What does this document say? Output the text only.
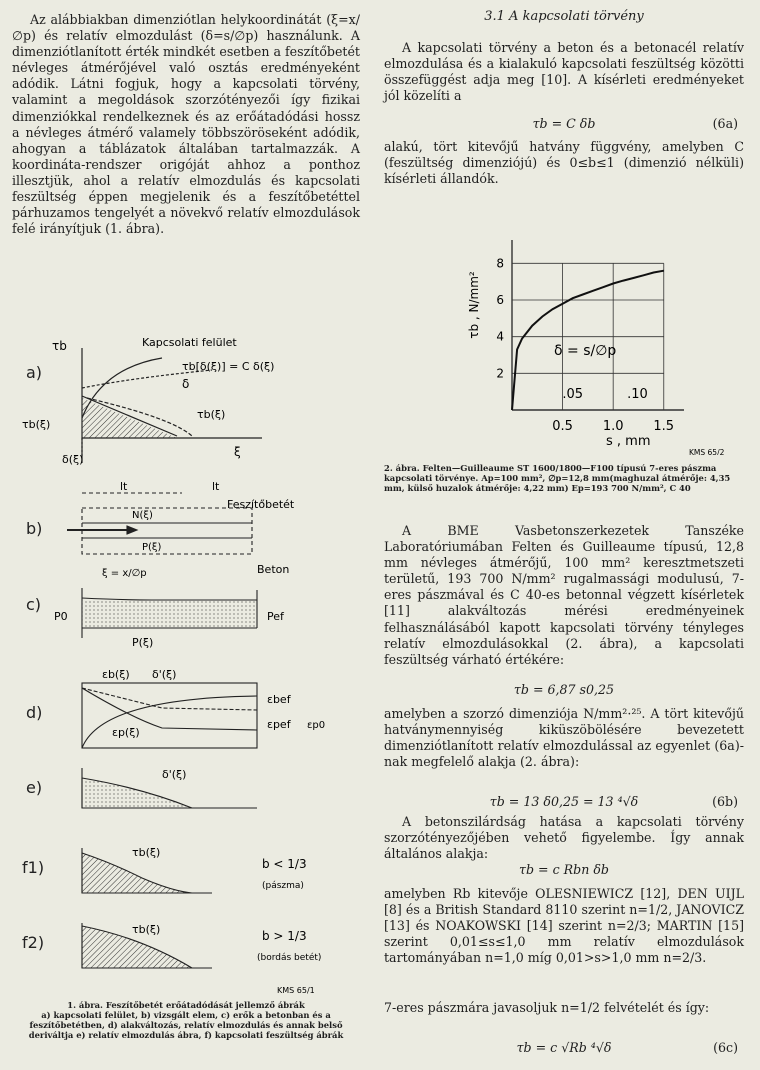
Az alábbiakban dimenziótlan helykoordinátát (ξ=x/∅p) és relatív elmozdulást (δ=s/∅p) használunk. A dimenziótlanított érték mindkét esetben a feszítőbetét névleges átmérőjével való osztás eredményeként adódik. Látni fogjuk, hogy a kapcsolati törvény, valamint a megoldások szorzótényezői így fizikai dimenziókkal rendelkeznek és az erőátadódási hossz a névleges átmérő valamely többszöröseként adódik, ahogyan a táblázatok általában tartalmazzák. A koordináta-rendszer origóját ahhoz a ponthoz illesztjük, ahol a relatív elmozdulás és kapcsolati feszültség éppen megjelenik és a feszítőbetéttel párhuzamos tengelyét a növekvő relatív elmozdulások felé irányítjuk (1. ábra).

a)
b)
c)
d)
e)
f1)
f2)
τb	Kapcsolati felület
τb[δ(ξ)] = C δ(ξ)
δ
τb(ξ)
τb(ξ)
δ(ξ)
ξ
lt	lt
Feszítőbetét
N(ξ)
P(ξ)
Beton
ξ = x/∅p
P0	Pef
P(ξ)
εb(ξ) δ'(ξ)
εbef
εpef εp0
εp(ξ)
δ'(ξ)
τb(ξ)
b < 1/3
(pászma)
τb(ξ)	b > 1/3
(bordás betét)
KMS 65/1
1. ábra. Feszítőbetét erőátadódását jellemző ábrák
a) kapcsolati felület, b) vizsgált elem, c) erők a betonban és a feszítőbetétben, d) alakváltozás, relatív elmozdulás és annak belső deriváltja e) relatív elmozdulás ábra, f) kapcsolati feszültség ábrák
3.1 A kapcsolati törvény

A kapcsolati törvény a beton és a betonacél relatív elmozdulása és a kialakuló kapcsolati feszültség közötti összefüggést adja meg [10]. A kísérleti eredményeket jól közelíti a

τb = C δb	(6a)

alakú, tört kitevőjű hatvány függvény, amelyben C (feszültség dimenziójú) és 0≤b≤1 (dimenzió nélküli) kísérleti állandók.

τb , N/mm²
2
4
6
8
0.5 1.0 1.5
δ = s/∅p
.05	.10
s , mm
KMS 65/2
2. ábra. Felten—Guilleaume ST 1600/1800—F100 típusú 7-eres pászma kapcsolati törvénye. Ap=100 mm², ∅p=12,8 mm(maghuzal átmérője: 4,35 mm, külső huzalok átmérője: 4,22 mm) Ep=193 700 N/mm², C 40

A BME Vasbetonszerkezetek Tanszéke Laboratóriumában Felten és Guilleaume típusú, 12,8 mm névleges átmérőjű, 100 mm² keresztmetszeti területű, 193 700 N/mm² rugalmassági modulusú, 7-eres pászmával és C 40-es betonnal végzett kísérletek [11] alakváltozás mérési eredményeinek felhasználásából kapott kapcsolati törvény tényleges relatív elmozdulásokkal (2. ábra), a kapcsolati feszültség várható értékére:

τb = 6,87 s0,25

amelyben a szorzó dimenziója N/mm²·²⁵. A tört kitevőjű hatványmennyiség kiküszöbölésére bevezetett dimenziótlanított relatív elmozdulással az egyenlet (6a)-nak megfelelő alakja (2. ábra):

τb = 13 δ0,25 = 13 ⁴√δ	(6b)

A betonszilárdság hatása a kapcsolati törvény szorzótényezőjében vehető figyelembe. Így annak általános alakja:

τb = c Rbn δb

amelyben Rb kitevője OLESNIEWICZ [12], DEN UIJL [8] és a British Standard 8110 szerint n=1/2, JANOVICZ [13] és NOAKOWSKI [14] szerint n=2/3; MARTIN [15] szerint 0,01≤s≤1,0 mm relatív elmozdulások tartományában n=1,0 míg 0,01>s>1,0 mm n=2/3.

7-eres pászmára javasoljuk n=1/2 felvételét és így:

τb = c √Rb ⁴√δ	(6c)
